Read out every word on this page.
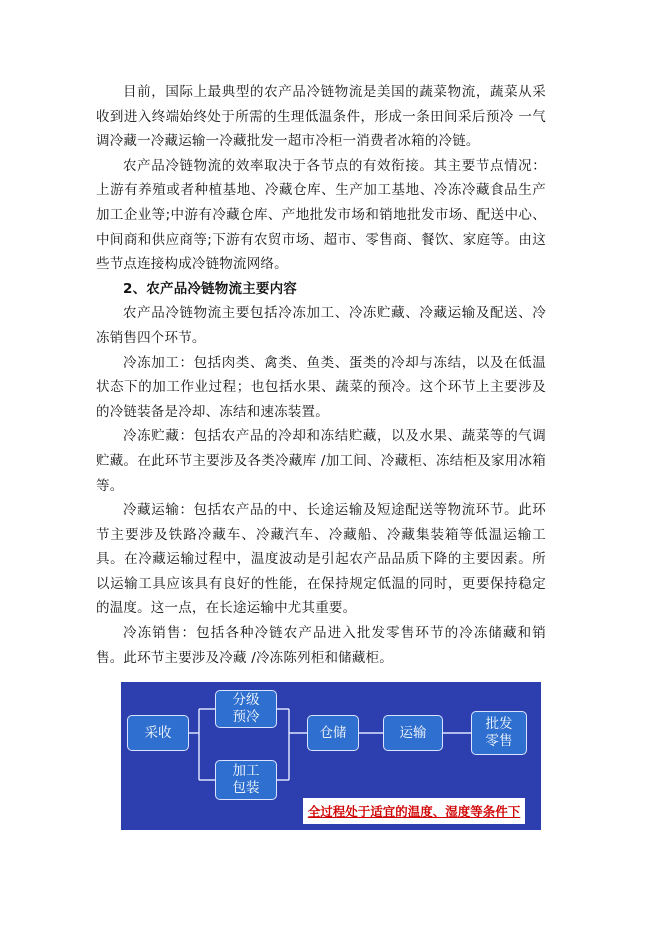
目前，国际上最典型的农产品冷链物流是美国的蔬菜物流，蔬菜从采收到进入终端始终处于所需的生理低温条件，形成一条田间采后预冷 一气调冷藏一冷藏运输一冷藏批发一超市冷柜一消费者冰箱的冷链。

农产品冷链物流的效率取决于各节点的有效衔接。其主要节点情况：上游有养殖或者种植基地、冷藏仓库、生产加工基地、冷冻冷藏食品生产加工企业等;中游有冷藏仓库、产地批发市场和销地批发市场、配送中心、中间商和供应商等;下游有农贸市场、超市、零售商、餐饮、家庭等。由这些节点连接构成冷链物流网络。

2、农产品冷链物流主要内容

农产品冷链物流主要包括冷冻加工、冷冻贮藏、冷藏运输及配送、冷冻销售四个环节。

冷冻加工：包括肉类、禽类、鱼类、蛋类的冷却与冻结，以及在低温状态下的加工作业过程；也包括水果、蔬菜的预冷。这个环节上主要涉及的冷链装备是冷却、冻结和速冻装置。

冷冻贮藏：包括农产品的冷却和冻结贮藏，以及水果、蔬菜等的气调贮藏。在此环节主要涉及各类冷藏库 /加工间、冷藏柜、冻结柜及家用冰箱等。

冷藏运输：包括农产品的中、长途运输及短途配送等物流环节。此环节主要涉及铁路冷藏车、冷藏汽车、冷藏船、冷藏集装箱等低温运输工具。在冷藏运输过程中，温度波动是引起农产品品质下降的主要因素。所以运输工具应该具有良好的性能，在保持规定低温的同时，更要保持稳定的温度。这一点，在长途运输中尤其重要。

冷冻销售：包括各种冷链农产品进入批发零售环节的冷冻储藏和销售。此环节主要涉及冷藏 /冷冻陈列柜和储藏柜。

采收
分级
预冷
加工
包装
仓储	运输
批发
零售
全过程处于适宜的温度、湿度等条件下
